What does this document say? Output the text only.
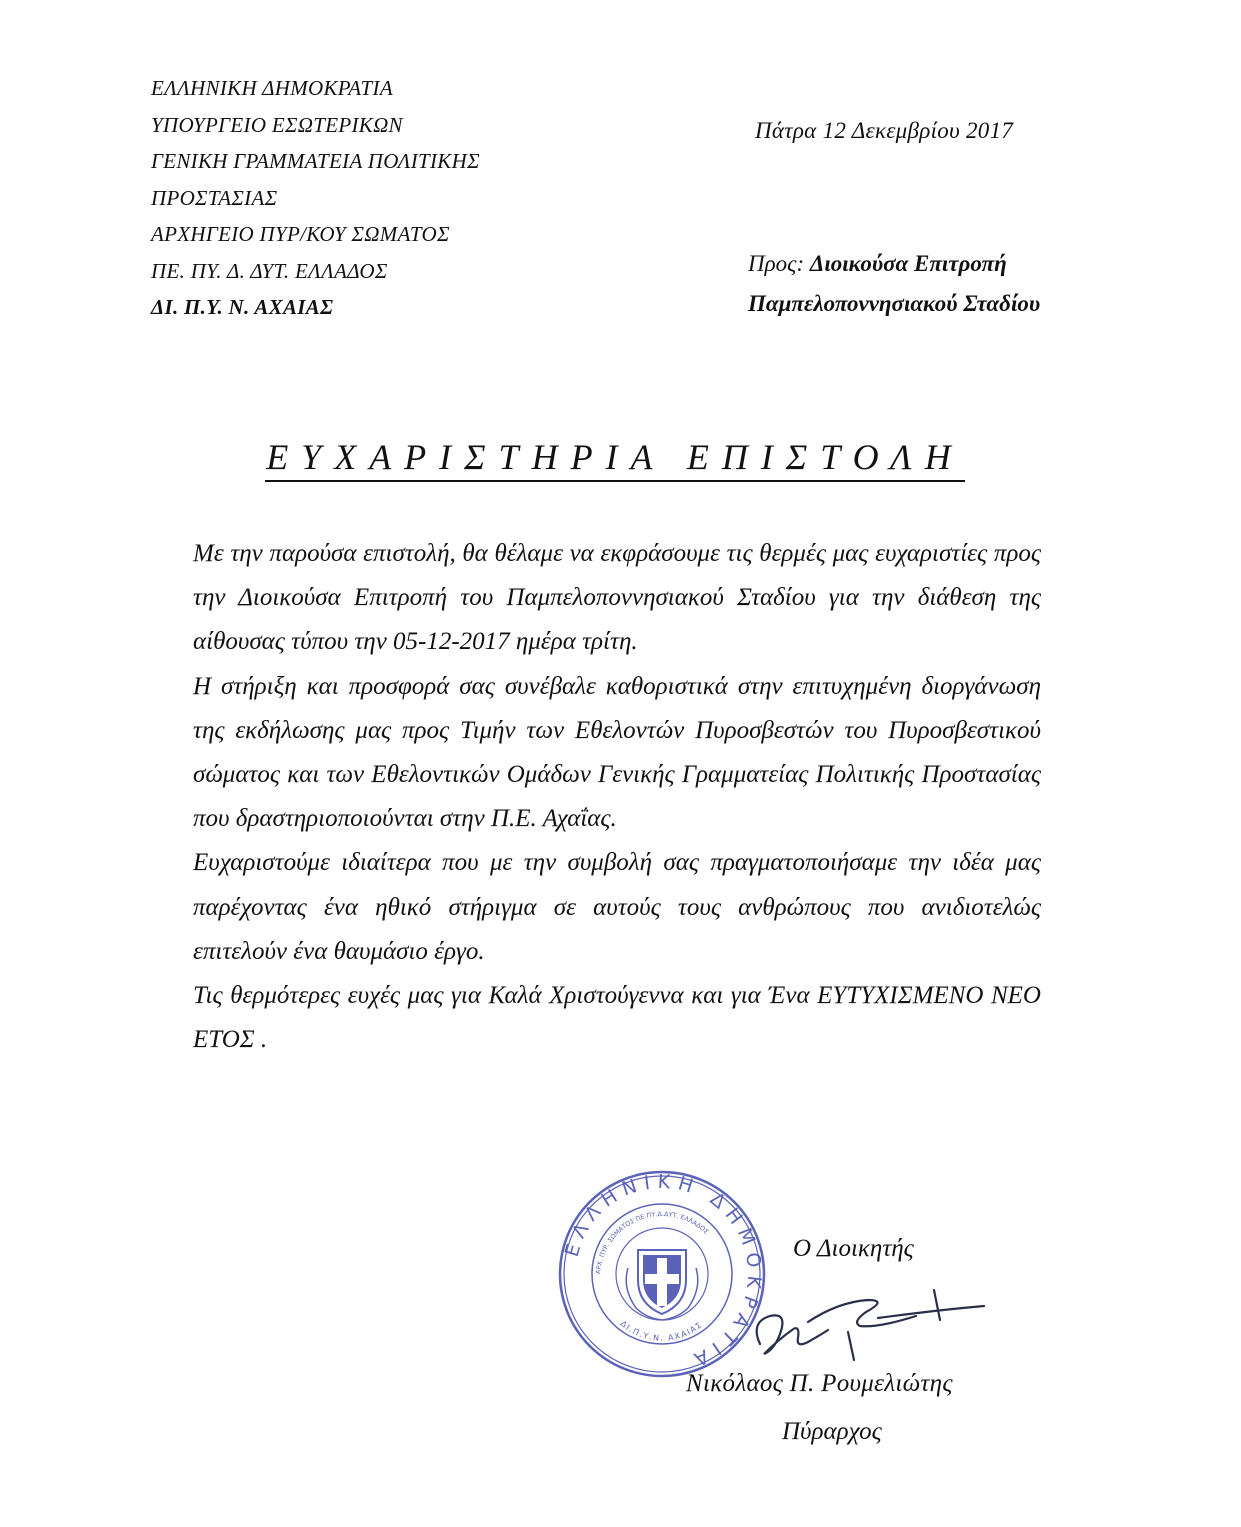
ΕΛΛΗΝΙΚΗ ΔΗΜΟΚΡΑΤΙΑ
ΥΠΟΥΡΓΕΙΟ ΕΣΩΤΕΡΙΚΩΝ
ΓΕΝΙΚΗ ΓΡΑΜΜΑΤΕΙΑ ΠΟΛΙΤΙΚΗΣ
ΠΡΟΣΤΑΣΙΑΣ
ΑΡΧΗΓΕΙΟ ΠΥΡ/ΚΟΥ ΣΩΜΑΤΟΣ
ΠΕ. ΠΥ. Δ. ΔΥΤ. ΕΛΛΑΔΟΣ
ΔΙ. Π.Υ. Ν. ΑΧΑΙΑΣ
Πάτρα 12 Δεκεμβρίου 2017
Προς: Διοικούσα Επιτροπή
Παμπελοποννησιακού Σταδίου
ΕΥΧΑΡΙΣΤΗΡΙΑ ΕΠΙΣΤΟΛΗ

Με την παρούσα επιστολή, θα θέλαμε να εκφράσουμε τις θερμές μας ευχαριστίες προς την Διοικούσα Επιτροπή του Παμπελοποννησιακού Σταδίου για την διάθεση της αίθουσας τύπου την 05-12-2017 ημέρα τρίτη.

Η στήριξη και προσφορά σας συνέβαλε καθοριστικά στην επιτυχημένη διοργάνωση της εκδήλωσης μας προς Τιμήν των Εθελοντών Πυροσβεστών του Πυροσβεστικού σώματος και των Εθελοντικών Ομάδων Γενικής Γραμματείας Πολιτικής Προστασίας που δραστηριοποιούνται στην Π.Ε. Αχαΐας.

Ευχαριστούμε ιδιαίτερα που με την συμβολή σας πραγματοποιήσαμε την ιδέα μας παρέχοντας ένα ηθικό στήριγμα σε αυτούς τους ανθρώπους που ανιδιοτελώς επιτελούν ένα θαυμάσιο έργο.

Τις θερμότερες ευχές μας για Καλά Χριστούγεννα και για Ένα ΕΥΤΥΧΙΣΜΕΝΟ ΝΕΟ ΕΤΟΣ .

ΕΛΛΗΝΙΚΗ ΔΗΜΟΚΡΑΤΙΑ
ΑΡΧ. ΠΥΡ. ΣΩΜΑΤΟΣ ΠΕ.ΠΥ.Δ.ΔΥΤ. ΕΛΛΑΔΟΣ
ΔΙ.Π.Υ.Ν. ΑΧΑΙΑΣ
Ο Διοικητής
Νικόλαος Π. Ρουμελιώτης
Πύραρχος
